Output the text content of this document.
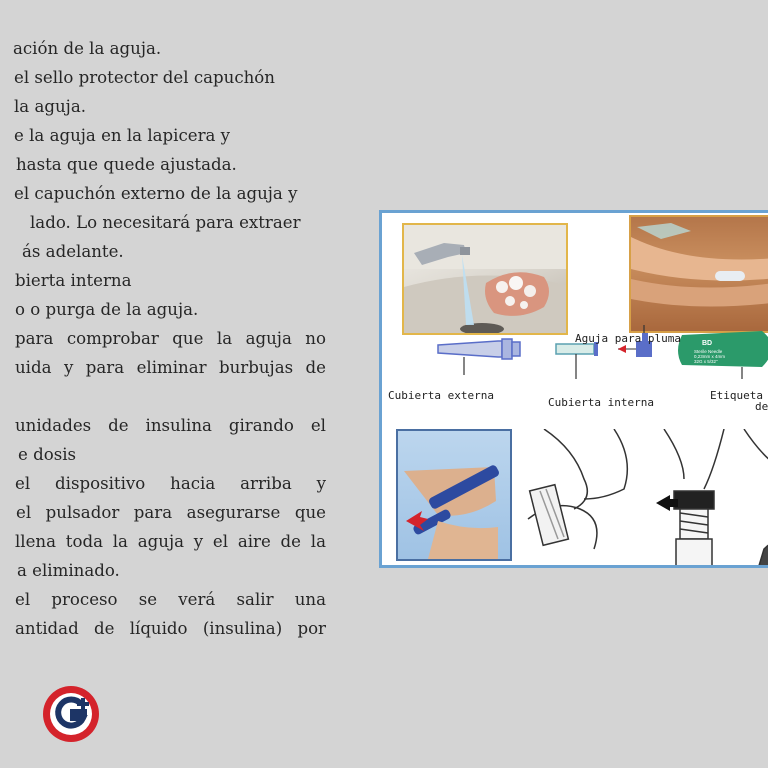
ación de la aguja.
el sello protector del capuchón
la aguja.
e la aguja en la lapicera y
hasta que quede ajustada.
el capuchón externo de la aguja y
lado. Lo necesitará para extraer
ás adelante.
bierta interna
o o purga de la aguja.
para comprobar que la aguja no
uida y para eliminar burbujas de
unidades de insulina girando el
e dosis
el dispositivo hacia arriba y
el pulsador para asegurarse que
llena toda la aguja y el aire de la
a eliminado.
el proceso se verá salir una
antidad de líquido (insulina) por
BD
Sterile Needle
0,23mm x 4mm
32G x 5/32"
Aguja para pluma
Cubierta externa
Cubierta interna
Etiqueta
de
